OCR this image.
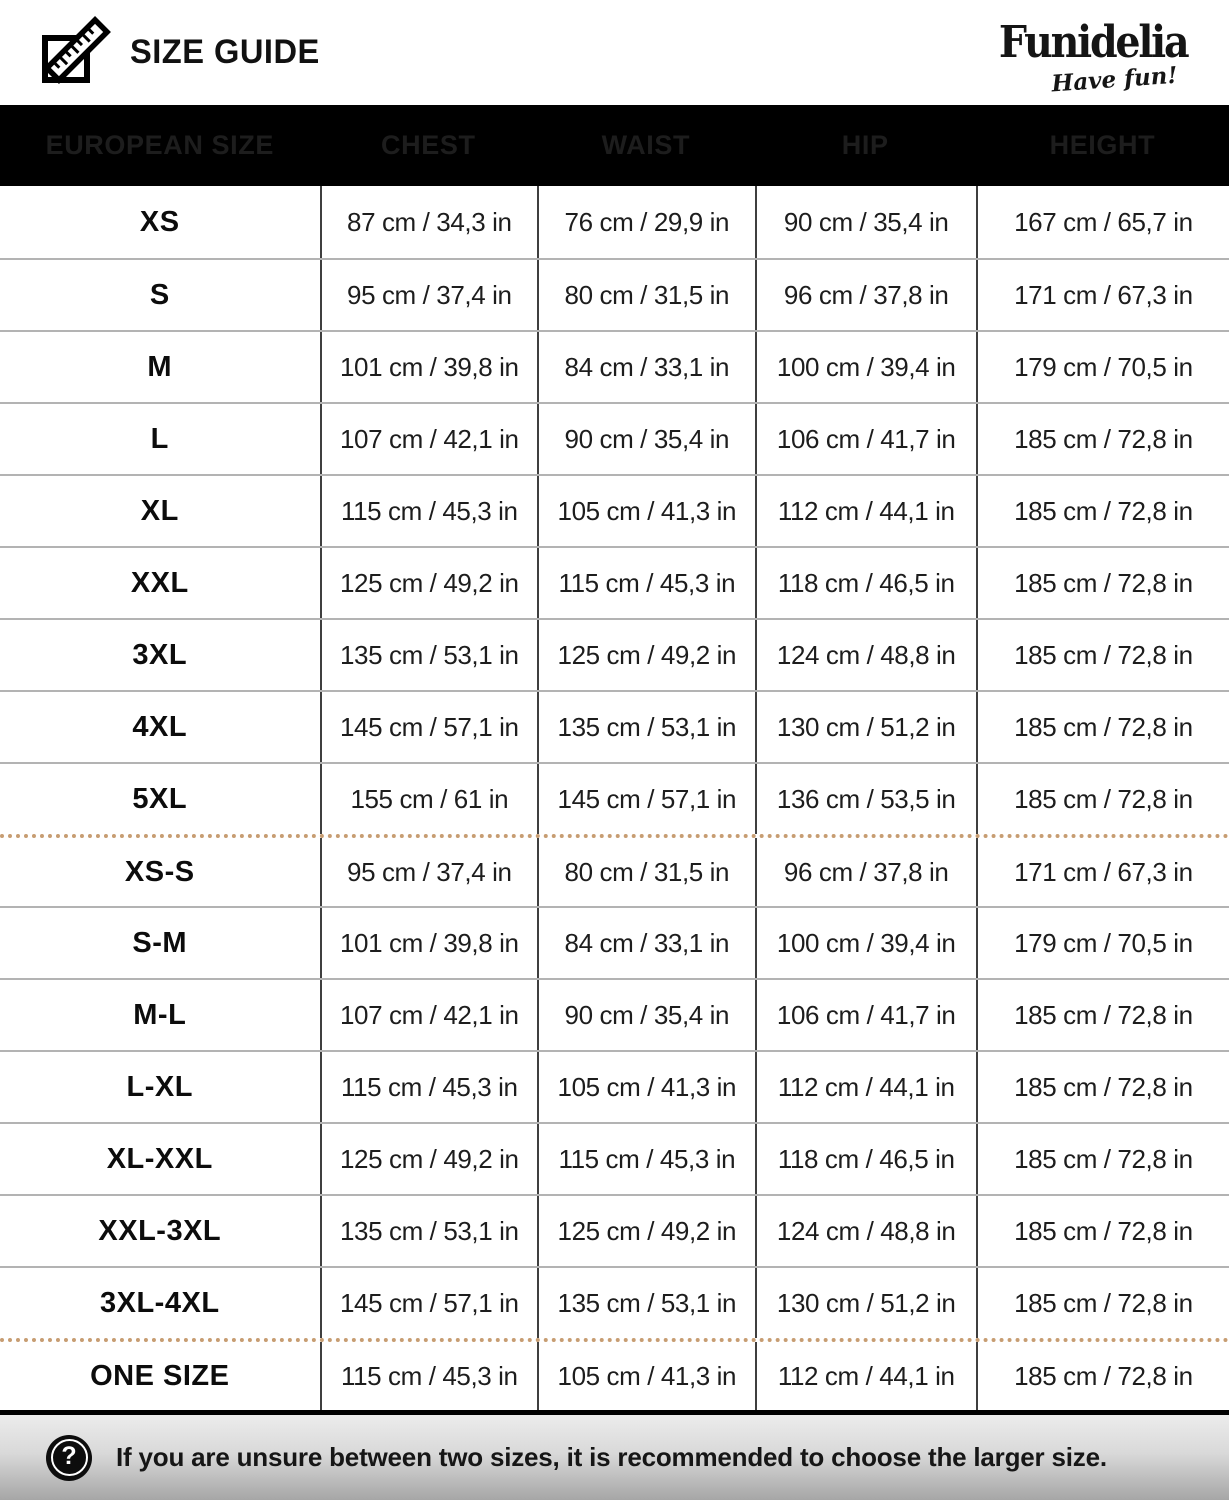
SIZE GUIDE	Funidelia
Have fun!
EUROPEAN SIZE	CHEST	WAIST	HIP	HEIGHT
XS	87 cm / 34,3 in	76 cm / 29,9 in	90 cm / 35,4 in	167 cm / 65,7 in
S	95 cm / 37,4 in	80 cm / 31,5 in	96 cm / 37,8 in	171 cm / 67,3 in
M	101 cm / 39,8 in	84 cm / 33,1 in	100 cm / 39,4 in	179 cm / 70,5 in
L	107 cm / 42,1 in	90 cm / 35,4 in	106 cm / 41,7 in	185 cm / 72,8 in
XL	115 cm / 45,3 in	105 cm / 41,3 in	112 cm / 44,1 in	185 cm / 72,8 in
XXL	125 cm / 49,2 in	115 cm / 45,3 in	118 cm / 46,5 in	185 cm / 72,8 in
3XL	135 cm / 53,1 in	125 cm / 49,2 in	124 cm / 48,8 in	185 cm / 72,8 in
4XL	145 cm / 57,1 in	135 cm / 53,1 in	130 cm / 51,2 in	185 cm / 72,8 in
5XL	155 cm / 61 in	145 cm / 57,1 in	136 cm / 53,5 in	185 cm / 72,8 in
XS-S	95 cm / 37,4 in	80 cm / 31,5 in	96 cm / 37,8 in	171 cm / 67,3 in
S-M	101 cm / 39,8 in	84 cm / 33,1 in	100 cm / 39,4 in	179 cm / 70,5 in
M-L	107 cm / 42,1 in	90 cm / 35,4 in	106 cm / 41,7 in	185 cm / 72,8 in
L-XL	115 cm / 45,3 in	105 cm / 41,3 in	112 cm / 44,1 in	185 cm / 72,8 in
XL-XXL	125 cm / 49,2 in	115 cm / 45,3 in	118 cm / 46,5 in	185 cm / 72,8 in
XXL-3XL	135 cm / 53,1 in	125 cm / 49,2 in	124 cm / 48,8 in	185 cm / 72,8 in
3XL-4XL	145 cm / 57,1 in	135 cm / 53,1 in	130 cm / 51,2 in	185 cm / 72,8 in
ONE SIZE	115 cm / 45,3 in	105 cm / 41,3 in	112 cm / 44,1 in	185 cm / 72,8 in
? If you are unsure between two sizes, it is recommended to choose the larger size.
